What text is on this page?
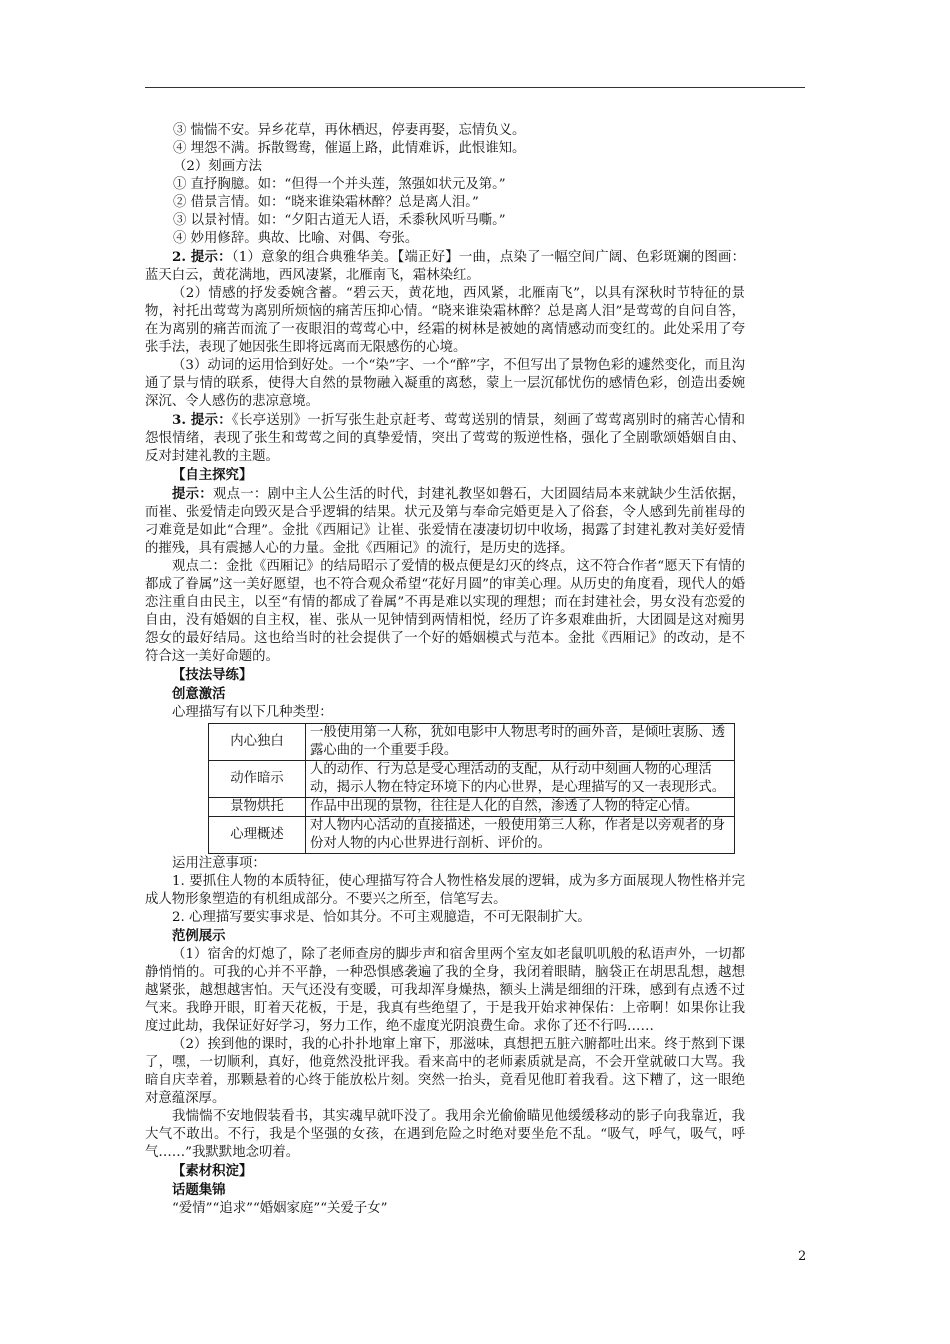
③ 惴惴不安。异乡花草，再休栖迟，停妻再娶，忘情负义。

④ 埋怨不满。拆散鸳鸯，催逼上路，此情难诉，此恨谁知。

（2）刻画方法

① 直抒胸臆。如：“但得一个并头莲，煞强如状元及第。”

② 借景言情。如：“晓来谁染霜林醉？总是离人泪。”

③ 以景衬情。如：“夕阳古道无人语，禾黍秋风听马嘶。”

④ 妙用修辞。典故、比喻、对偶、夸张。

2. 提示：（1）意象的组合典雅华美。【端正好】一曲，点染了一幅空间广阔、色彩斑斓的图画：蓝天白云，黄花满地，西风凄紧，北雁南飞，霜林染红。

（2）情感的抒发委婉含蓄。“碧云天，黄花地，西风紧，北雁南飞”，以具有深秋时节特征的景物，衬托出莺莺为离别所烦恼的痛苦压抑心情。“晓来谁染霜林醉？总是离人泪”是莺莺的自问自答，在为离别的痛苦而流了一夜眼泪的莺莺心中，经霜的树林是被她的离情感动而变红的。此处采用了夸张手法，表现了她因张生即将远离而无限感伤的心境。

（3）动词的运用恰到好处。一个“染”字、一个“醉”字，不但写出了景物色彩的遽然变化，而且沟通了景与情的联系，使得大自然的景物融入凝重的离愁，蒙上一层沉郁忧伤的感情色彩，创造出委婉深沉、令人感伤的悲凉意境。

3. 提示：《长亭送别》一折写张生赴京赶考、莺莺送别的情景，刻画了莺莺离别时的痛苦心情和怨恨情绪，表现了张生和莺莺之间的真挚爱情，突出了莺莺的叛逆性格，强化了全剧歌颂婚姻自由、反对封建礼教的主题。

【自主探究】

提示：观点一：剧中主人公生活的时代，封建礼教坚如磐石，大团圆结局本来就缺少生活依据，而崔、张爱情走向毁灭是合乎逻辑的结果。状元及第与奉命完婚更是入了俗套，令人感到先前崔母的刁难竟是如此“合理”。金批《西厢记》让崔、张爱情在凄凄切切中收场，揭露了封建礼教对美好爱情的摧残，具有震撼人心的力量。金批《西厢记》的流行，是历史的选择。

观点二：金批《西厢记》的结局昭示了爱情的极点便是幻灭的终点，这不符合作者“愿天下有情的都成了眷属”这一美好愿望，也不符合观众希望“花好月圆”的审美心理。从历史的角度看，现代人的婚恋注重自由民主，以至“有情的都成了眷属”不再是难以实现的理想；而在封建社会，男女没有恋爱的自由，没有婚姻的自主权，崔、张从一见钟情到两情相悦，经历了许多艰难曲折，大团圆是这对痴男怨女的最好结局。这也给当时的社会提供了一个好的婚姻模式与范本。金批《西厢记》的改动，是不符合这一美好命题的。

【技法导练】

创意激活

心理描写有以下几种类型：

内心独白	一般使用第一人称，犹如电影中人物思考时的画外音，是倾吐衷肠、透露心曲的一个重要手段。
动作暗示	人的动作、行为总是受心理活动的支配，从行动中刻画人物的心理活动，揭示人物在特定环境下的内心世界，是心理描写的又一表现形式。
景物烘托	作品中出现的景物，往往是人化的自然，渗透了人物的特定心情。
心理概述	对人物内心活动的直接描述，一般使用第三人称，作者是以旁观者的身份对人物的内心世界进行剖析、评价的。

运用注意事项：

1. 要抓住人物的本质特征，使心理描写符合人物性格发展的逻辑，成为多方面展现人物性格并完成人物形象塑造的有机组成部分。不要兴之所至，信笔写去。

2. 心理描写要实事求是、恰如其分。不可主观臆造，不可无限制扩大。

范例展示

（1）宿舍的灯熄了，除了老师查房的脚步声和宿舍里两个室友如老鼠叽叽般的私语声外，一切都静悄悄的。可我的心并不平静，一种恐惧感袭遍了我的全身，我闭着眼睛，脑袋正在胡思乱想，越想越紧张，越想越害怕。天气还没有变暖，可我却浑身燥热，额头上满是细细的汗珠，感到有点透不过气来。我睁开眼，盯着天花板，于是，我真有些绝望了，于是我开始求神保佑：上帝啊！如果你让我度过此劫，我保证好好学习，努力工作，绝不虚度光阴浪费生命。求你了还不行吗……

（2）挨到他的课时，我的心扑扑地窜上窜下，那滋味，真想把五脏六腑都吐出来。终于熬到下课了，嘿，一切顺利，真好，他竟然没批评我。看来高中的老师素质就是高，不会开堂就破口大骂。我暗自庆幸着，那颗悬着的心终于能放松片刻。突然一抬头，竟看见他盯着我看。这下糟了，这一眼绝对意蕴深厚。

我惴惴不安地假装看书，其实魂早就吓没了。我用余光偷偷瞄见他缓缓移动的影子向我靠近，我大气不敢出。不行，我是个坚强的女孩，在遇到危险之时绝对要坐危不乱。“吸气，呼气，吸气，呼气……”我默默地念叨着。

【素材积淀】

话题集锦

“爱情”“追求”“婚姻家庭”“关爱子女”

2
